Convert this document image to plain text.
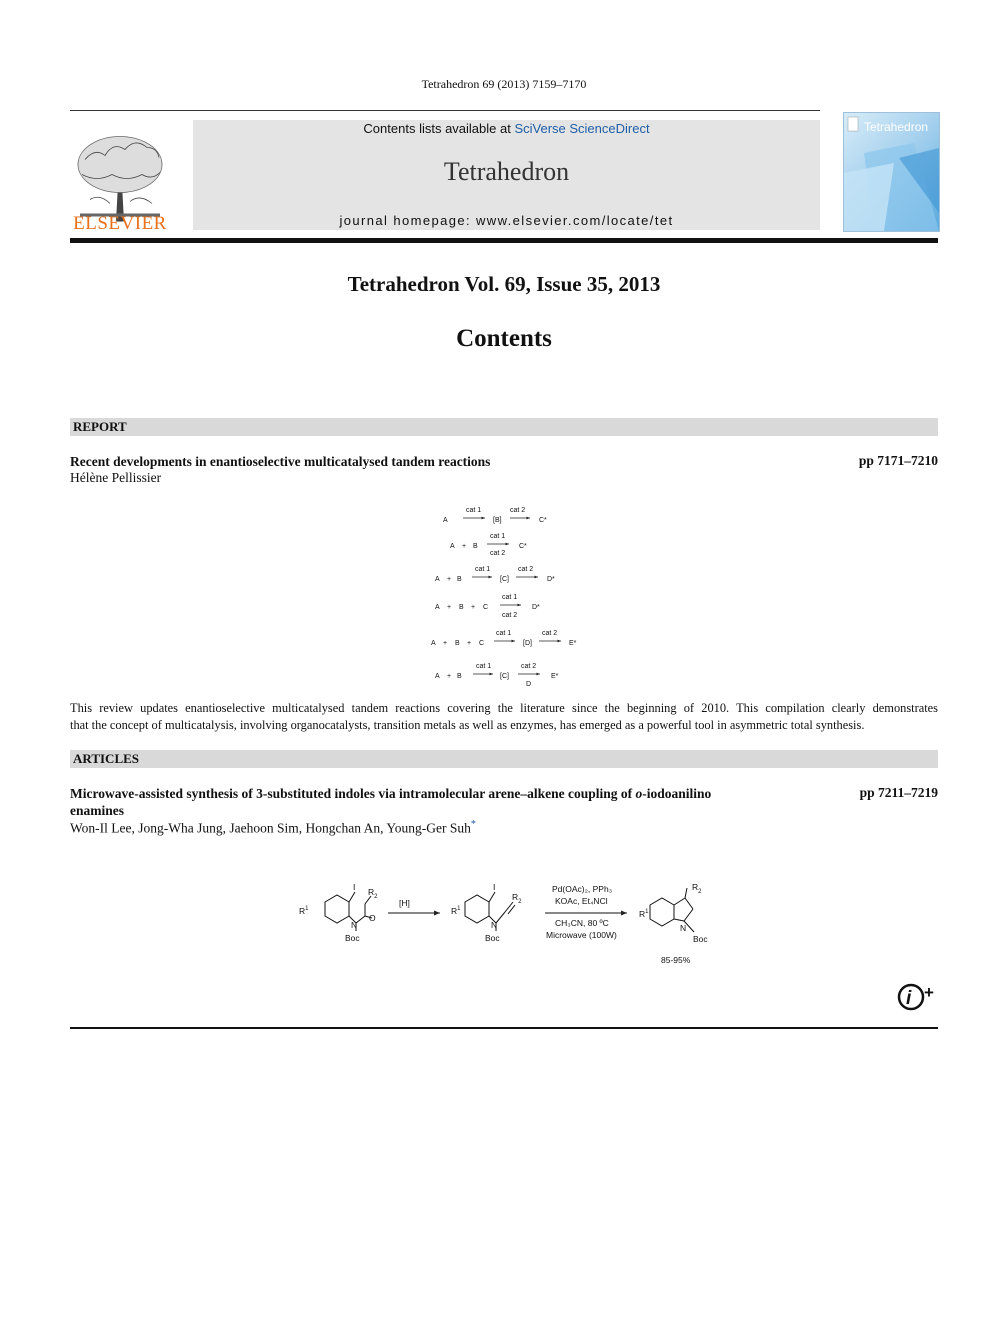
Tetrahedron 69 (2013) 7159–7170
ELSEVIER
Contents lists available at SciVerse ScienceDirect
Tetrahedron
journal homepage: www.elsevier.com/locate/tet
Tetrahedron
Tetrahedron Vol. 69, Issue 35, 2013
Contents
REPORT
Recent developments in enantioselective multicatalysed tandem reactions	pp 7171–7210
Hélène Pellissier
A
cat 1
[B]
cat 2
C*
A + B
cat 1
cat 2
C*
A + B
cat 1
[C]
cat 2
D*
A + B + C
cat 1
cat 2
D*
A + B + C
cat 1
[D]
cat 2
E*
A + B
cat 1
[C]
cat 2
D
E*
This review updates enantioselective multicatalysed tandem reactions covering the literature since the beginning of 2010. This compilation clearly demonstrates
that the concept of multicatalysis, involving organocatalysts, transition metals as well as enzymes, has emerged as a powerful tool in asymmetric total synthesis.
ARTICLES
Microwave-assisted synthesis of 3-substituted indoles via intramolecular arene–alkene coupling of o-iodoanilino
enamines
pp 7211–7219
Won-Il Lee, Jong-Wha Jung, Jaehoon Sim, Hongchan An, Young-Ger Suh*
$R^1$
I $R_2$
N
O
Boc
[H]
$R^1$
I
$R_2$
N
Boc
Pd(OAc)₂, PPh₃
KOAc, Et₄NCl
CH₃CN, 80 ºC
Microwave (100W)
$R^1$
$R_2$
N
Boc
85-95%
i +
